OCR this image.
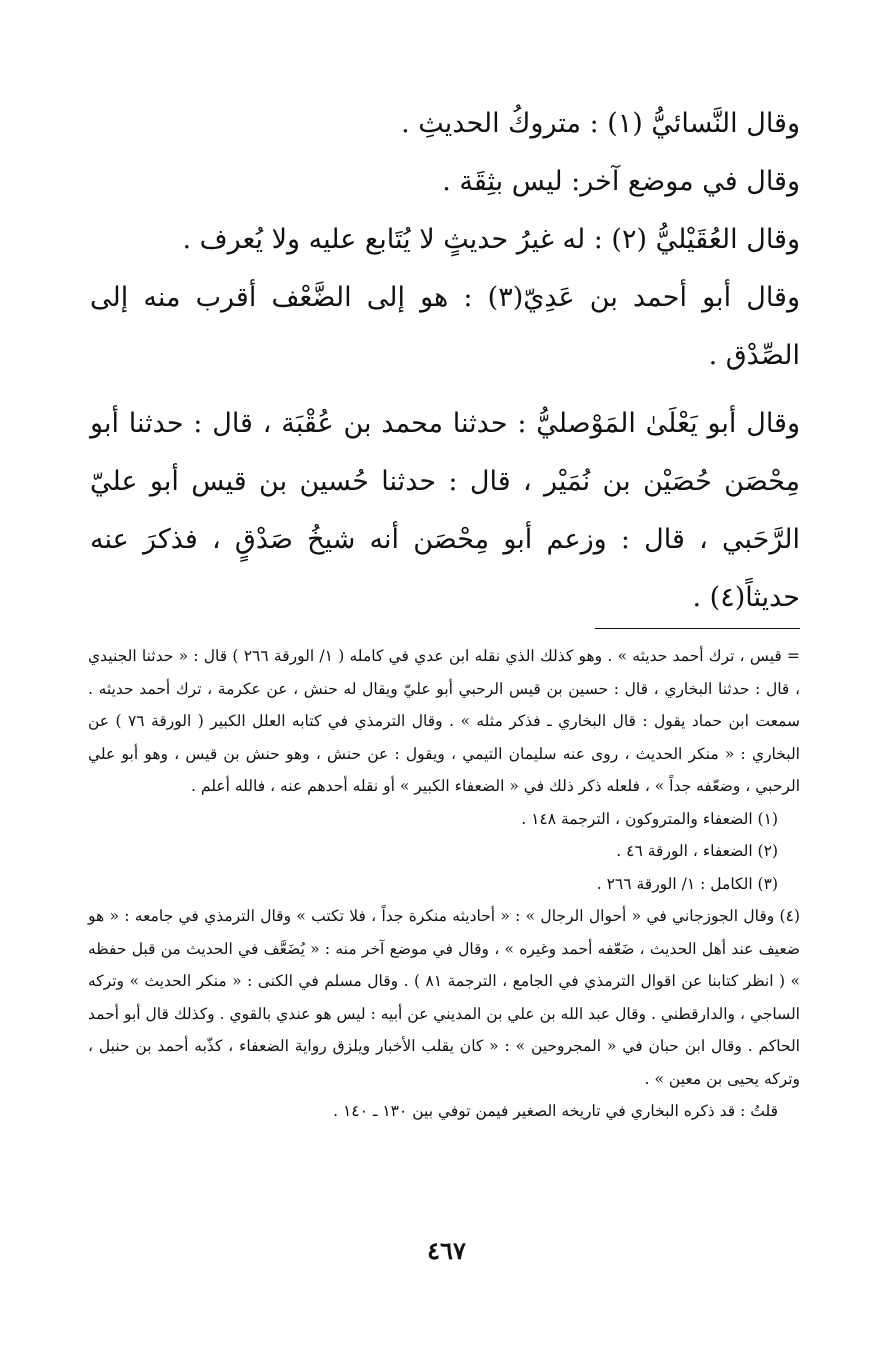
وقال النَّسائيُّ (١) : متروكُ الحديثِ .

وقال في موضع آخر: ليس بثِقَة .

وقال العُقَيْليُّ (٢) : له غيرُ حديثٍ لا يُتَابع عليه ولا يُعرف .

وقال أبو أحمد بن عَدِيّ(٣) : هو إلى الضَّعْف أقرب منه إلى الصِّدْق .

وقال أبو يَعْلَىٰ المَوْصليُّ : حدثنا محمد بن عُقْبَة ، قال : حدثنا أبو مِحْصَن حُصَيْن بن نُمَيْر ، قال : حدثنا حُسين بن قيس أبو عليّ الرَّحَبي ، قال : وزعم أبو مِحْصَن أنه شيخُ صَدْقٍ ، فذكرَ عنه حديثاً(٤) .

= قيس ، ترك أحمد حديثه » . وهو كذلك الذي نقله ابن عدي في كامله ( ١/ الورقة ٢٦٦ ) قال : « حدثنا الجنيدي ، قال : حدثنا البخاري ، قال : حسين بن قيس الرحبي أبو عليّ ويقال له حنش ، عن عكرمة ، ترك أحمد حديثه . سمعت ابن حماد يقول : قال البخاري ـ فذكر مثله » . وقال الترمذي في كتابه العلل الكبير ( الورقة ٧٦ ) عن البخاري : « منكر الحديث ، روى عنه سليمان التيمي ، ويقول : عن حنش ، وهو حنش بن قيس ، وهو أبو علي الرحبي ، وضعّفه جداً » ، فلعله ذكر ذلك في « الضعفاء الكبير » أو نقله أحدهم عنه ، فالله أعلم .

(١) الضعفاء والمتروكون ، الترجمة ١٤٨ .

(٢) الضعفاء ، الورقة ٤٦ .

(٣) الكامل : ١/ الورقة ٢٦٦ .

(٤) وقال الجوزجاني في « أحوال الرجال » : « أحاديثه منكرة جداً ، فلا تكتب » وقال الترمذي في جامعه : « هو ضعيف عند أهل الحديث ، ضَعّفه أحمد وغيره » ، وقال في موضع آخر منه : « يُضَعَّف في الحديث من قبل حفظه » ( انظر كتابنا عن اقوال الترمذي في الجامع ، الترجمة ٨١ ) . وقال مسلم في الكنى : « منكر الحديث » وتركه الساجي ، والدارقطني . وقال عبد الله بن علي بن المديني عن أبيه : ليس هو عندي بالقوي . وكذلك قال أبو أحمد الحاكم . وقال ابن حبان في « المجروحين » : « كان يقلب الأخبار ويلزق رواية الضعفاء ، كذّبه أحمد بن حنبل ، وتركه يحيى بن معين » .

قلتُ : قد ذكره البخاري في تاريخه الصغير فيمن توفي بين ١٣٠ ـ ١٤٠ .

٤٦٧
